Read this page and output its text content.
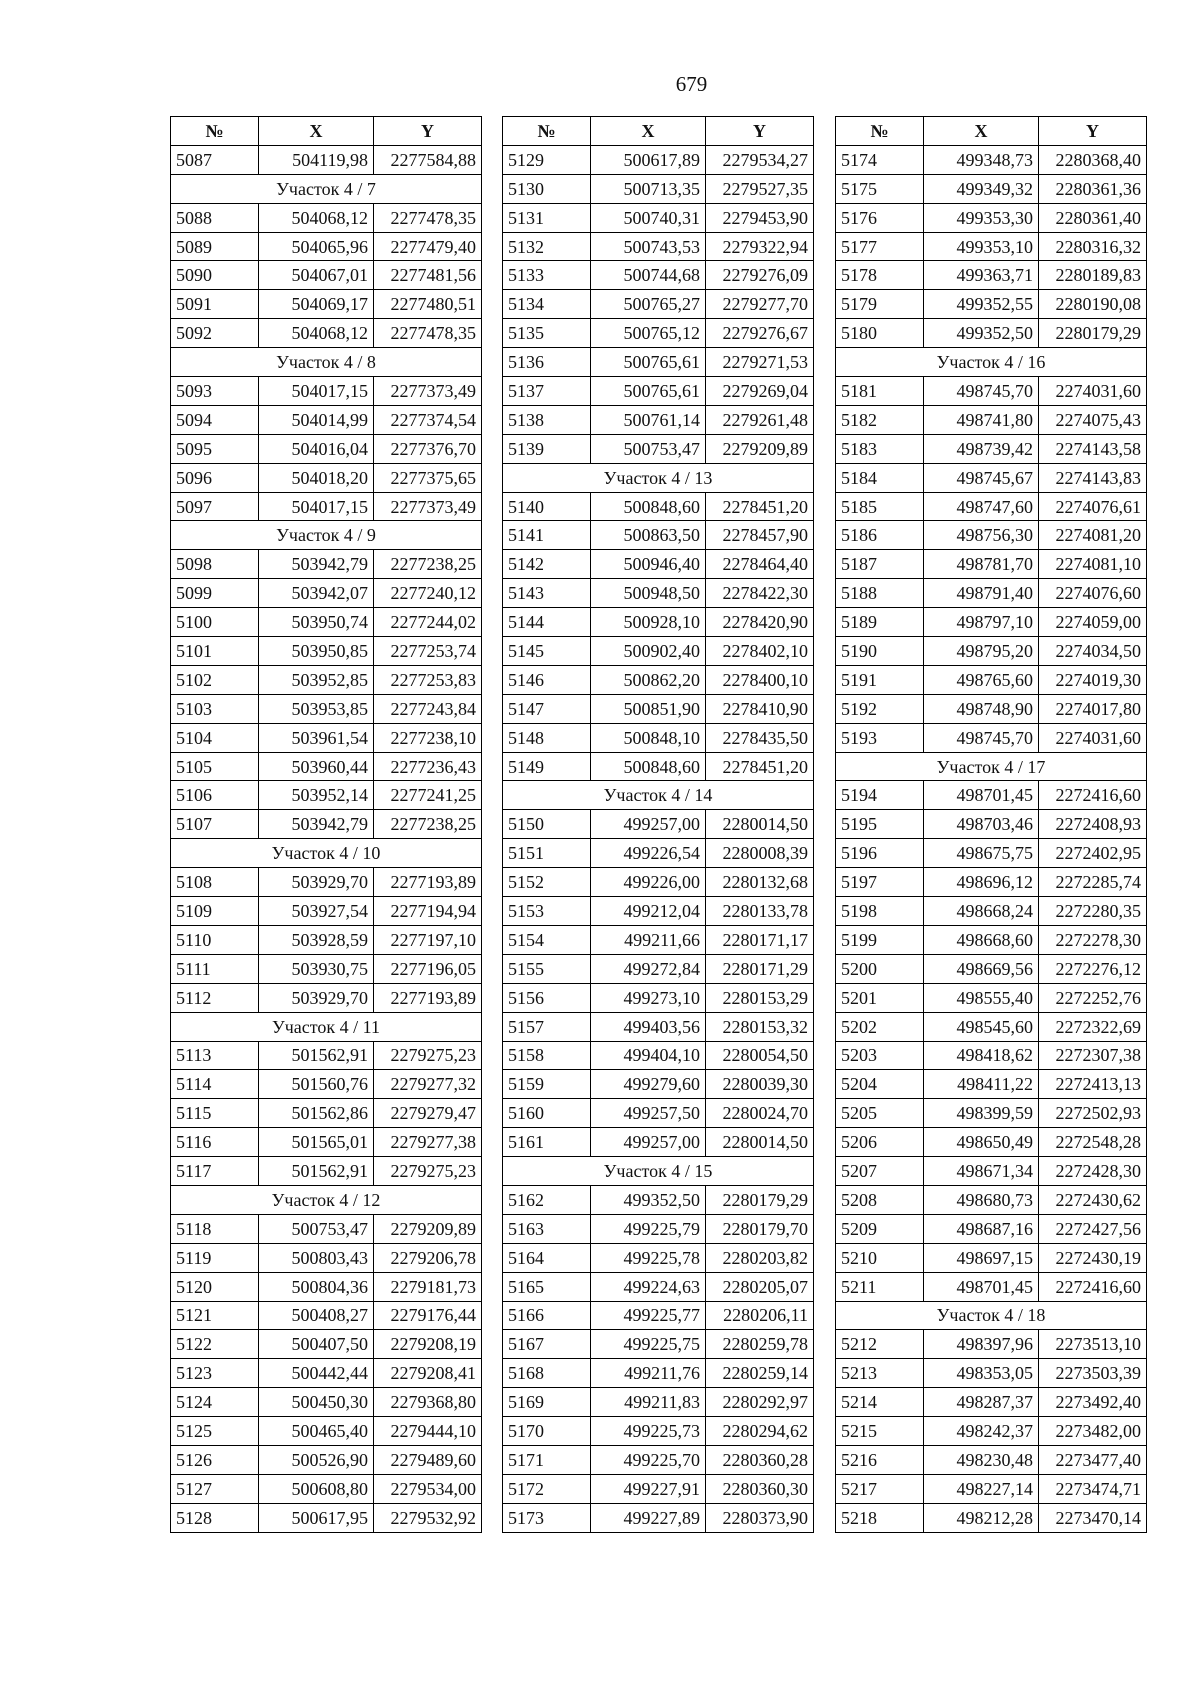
679
№	X	Y
5087	504119,98	2277584,88
Участок 4 / 7		
5088	504068,12	2277478,35
5089	504065,96	2277479,40
5090	504067,01	2277481,56
5091	504069,17	2277480,51
5092	504068,12	2277478,35
Участок 4 / 8		
5093	504017,15	2277373,49
5094	504014,99	2277374,54
5095	504016,04	2277376,70
5096	504018,20	2277375,65
5097	504017,15	2277373,49
Участок 4 / 9		
5098	503942,79	2277238,25
5099	503942,07	2277240,12
5100	503950,74	2277244,02
5101	503950,85	2277253,74
5102	503952,85	2277253,83
5103	503953,85	2277243,84
5104	503961,54	2277238,10
5105	503960,44	2277236,43
5106	503952,14	2277241,25
5107	503942,79	2277238,25
Участок 4 / 10		
5108	503929,70	2277193,89
5109	503927,54	2277194,94
5110	503928,59	2277197,10
5111	503930,75	2277196,05
5112	503929,70	2277193,89
Участок 4 / 11		
5113	501562,91	2279275,23
5114	501560,76	2279277,32
5115	501562,86	2279279,47
5116	501565,01	2279277,38
5117	501562,91	2279275,23
Участок 4 / 12		
5118	500753,47	2279209,89
5119	500803,43	2279206,78
5120	500804,36	2279181,73
5121	500408,27	2279176,44
5122	500407,50	2279208,19
5123	500442,44	2279208,41
5124	500450,30	2279368,80
5125	500465,40	2279444,10
5126	500526,90	2279489,60
5127	500608,80	2279534,00
5128	500617,95	2279532,92
№	X	Y
5129	500617,89	2279534,27
5130	500713,35	2279527,35
5131	500740,31	2279453,90
5132	500743,53	2279322,94
5133	500744,68	2279276,09
5134	500765,27	2279277,70
5135	500765,12	2279276,67
5136	500765,61	2279271,53
5137	500765,61	2279269,04
5138	500761,14	2279261,48
5139	500753,47	2279209,89
Участок 4 / 13		
5140	500848,60	2278451,20
5141	500863,50	2278457,90
5142	500946,40	2278464,40
5143	500948,50	2278422,30
5144	500928,10	2278420,90
5145	500902,40	2278402,10
5146	500862,20	2278400,10
5147	500851,90	2278410,90
5148	500848,10	2278435,50
5149	500848,60	2278451,20
Участок 4 / 14		
5150	499257,00	2280014,50
5151	499226,54	2280008,39
5152	499226,00	2280132,68
5153	499212,04	2280133,78
5154	499211,66	2280171,17
5155	499272,84	2280171,29
5156	499273,10	2280153,29
5157	499403,56	2280153,32
5158	499404,10	2280054,50
5159	499279,60	2280039,30
5160	499257,50	2280024,70
5161	499257,00	2280014,50
Участок 4 / 15		
5162	499352,50	2280179,29
5163	499225,79	2280179,70
5164	499225,78	2280203,82
5165	499224,63	2280205,07
5166	499225,77	2280206,11
5167	499225,75	2280259,78
5168	499211,76	2280259,14
5169	499211,83	2280292,97
5170	499225,73	2280294,62
5171	499225,70	2280360,28
5172	499227,91	2280360,30
5173	499227,89	2280373,90
№	X	Y
5174	499348,73	2280368,40
5175	499349,32	2280361,36
5176	499353,30	2280361,40
5177	499353,10	2280316,32
5178	499363,71	2280189,83
5179	499352,55	2280190,08
5180	499352,50	2280179,29
Участок 4 / 16		
5181	498745,70	2274031,60
5182	498741,80	2274075,43
5183	498739,42	2274143,58
5184	498745,67	2274143,83
5185	498747,60	2274076,61
5186	498756,30	2274081,20
5187	498781,70	2274081,10
5188	498791,40	2274076,60
5189	498797,10	2274059,00
5190	498795,20	2274034,50
5191	498765,60	2274019,30
5192	498748,90	2274017,80
5193	498745,70	2274031,60
Участок 4 / 17		
5194	498701,45	2272416,60
5195	498703,46	2272408,93
5196	498675,75	2272402,95
5197	498696,12	2272285,74
5198	498668,24	2272280,35
5199	498668,60	2272278,30
5200	498669,56	2272276,12
5201	498555,40	2272252,76
5202	498545,60	2272322,69
5203	498418,62	2272307,38
5204	498411,22	2272413,13
5205	498399,59	2272502,93
5206	498650,49	2272548,28
5207	498671,34	2272428,30
5208	498680,73	2272430,62
5209	498687,16	2272427,56
5210	498697,15	2272430,19
5211	498701,45	2272416,60
Участок 4 / 18		
5212	498397,96	2273513,10
5213	498353,05	2273503,39
5214	498287,37	2273492,40
5215	498242,37	2273482,00
5216	498230,48	2273477,40
5217	498227,14	2273474,71
5218	498212,28	2273470,14
